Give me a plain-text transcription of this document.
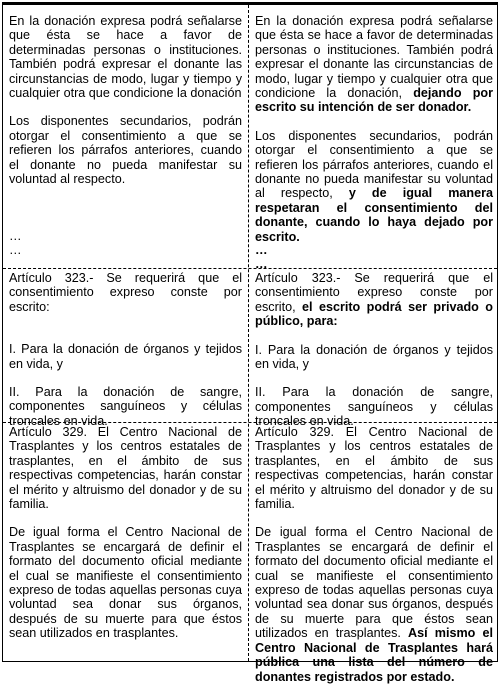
En la donación expresa podrá señalarse que ésta se hace a favor de determinadas personas o instituciones. También podrá expresar el donante las circunstancias de modo, lugar y tiempo y cualquier otra que condicione la donación

Los disponentes secundarios, podrán otorgar el consentimiento a que se refieren los párrafos anteriores, cuando el donante no pueda manifestar su voluntad al respecto.

…

…

En la donación expresa podrá señalarse que ésta se hace a favor de determinadas personas o instituciones. También podrá expresar el donante las circunstancias de modo, lugar y tiempo y cualquier otra que condicione la donación, dejando por escrito su intención de ser donador.

Los disponentes secundarios, podrán otorgar el consentimiento a que se refieren los párrafos anteriores, cuando el donante no pueda manifestar su voluntad al respecto, y de igual manera respetaran el consentimiento del donante, cuando lo haya dejado por escrito.

…

…

Artículo 323.- Se requerirá que el consentimiento expreso conste por escrito:

I. Para la donación de órganos y tejidos en vida, y

II. Para la donación de sangre, componentes sanguíneos y células troncales en vida.

Artículo 323.- Se requerirá que el consentimiento expreso conste por escrito, el escrito podrá ser privado o público, para:

I. Para la donación de órganos y tejidos en vida, y

II. Para la donación de sangre, componentes sanguíneos y células troncales en vida.

Artículo 329. El Centro Nacional de Trasplantes y los centros estatales de trasplantes, en el ámbito de sus respectivas competencias, harán constar el mérito y altruismo del donador y de su familia.

De igual forma el Centro Nacional de Trasplantes se encargará de definir el formato del documento oficial mediante el cual se manifieste el consentimiento expreso de todas aquellas personas cuya voluntad sea donar sus órganos, después de su muerte para que éstos sean utilizados en trasplantes.

Artículo 329. El Centro Nacional de Trasplantes y los centros estatales de trasplantes, en el ámbito de sus respectivas competencias, harán constar el mérito y altruismo del donador y de su familia.

De igual forma el Centro Nacional de Trasplantes se encargará de definir el formato del documento oficial mediante el cual se manifieste el consentimiento expreso de todas aquellas personas cuya voluntad sea donar sus órganos, después de su muerte para que éstos sean utilizados en trasplantes. Así mismo el Centro Nacional de Trasplantes hará pública una lista del número de donantes registrados por estado.
